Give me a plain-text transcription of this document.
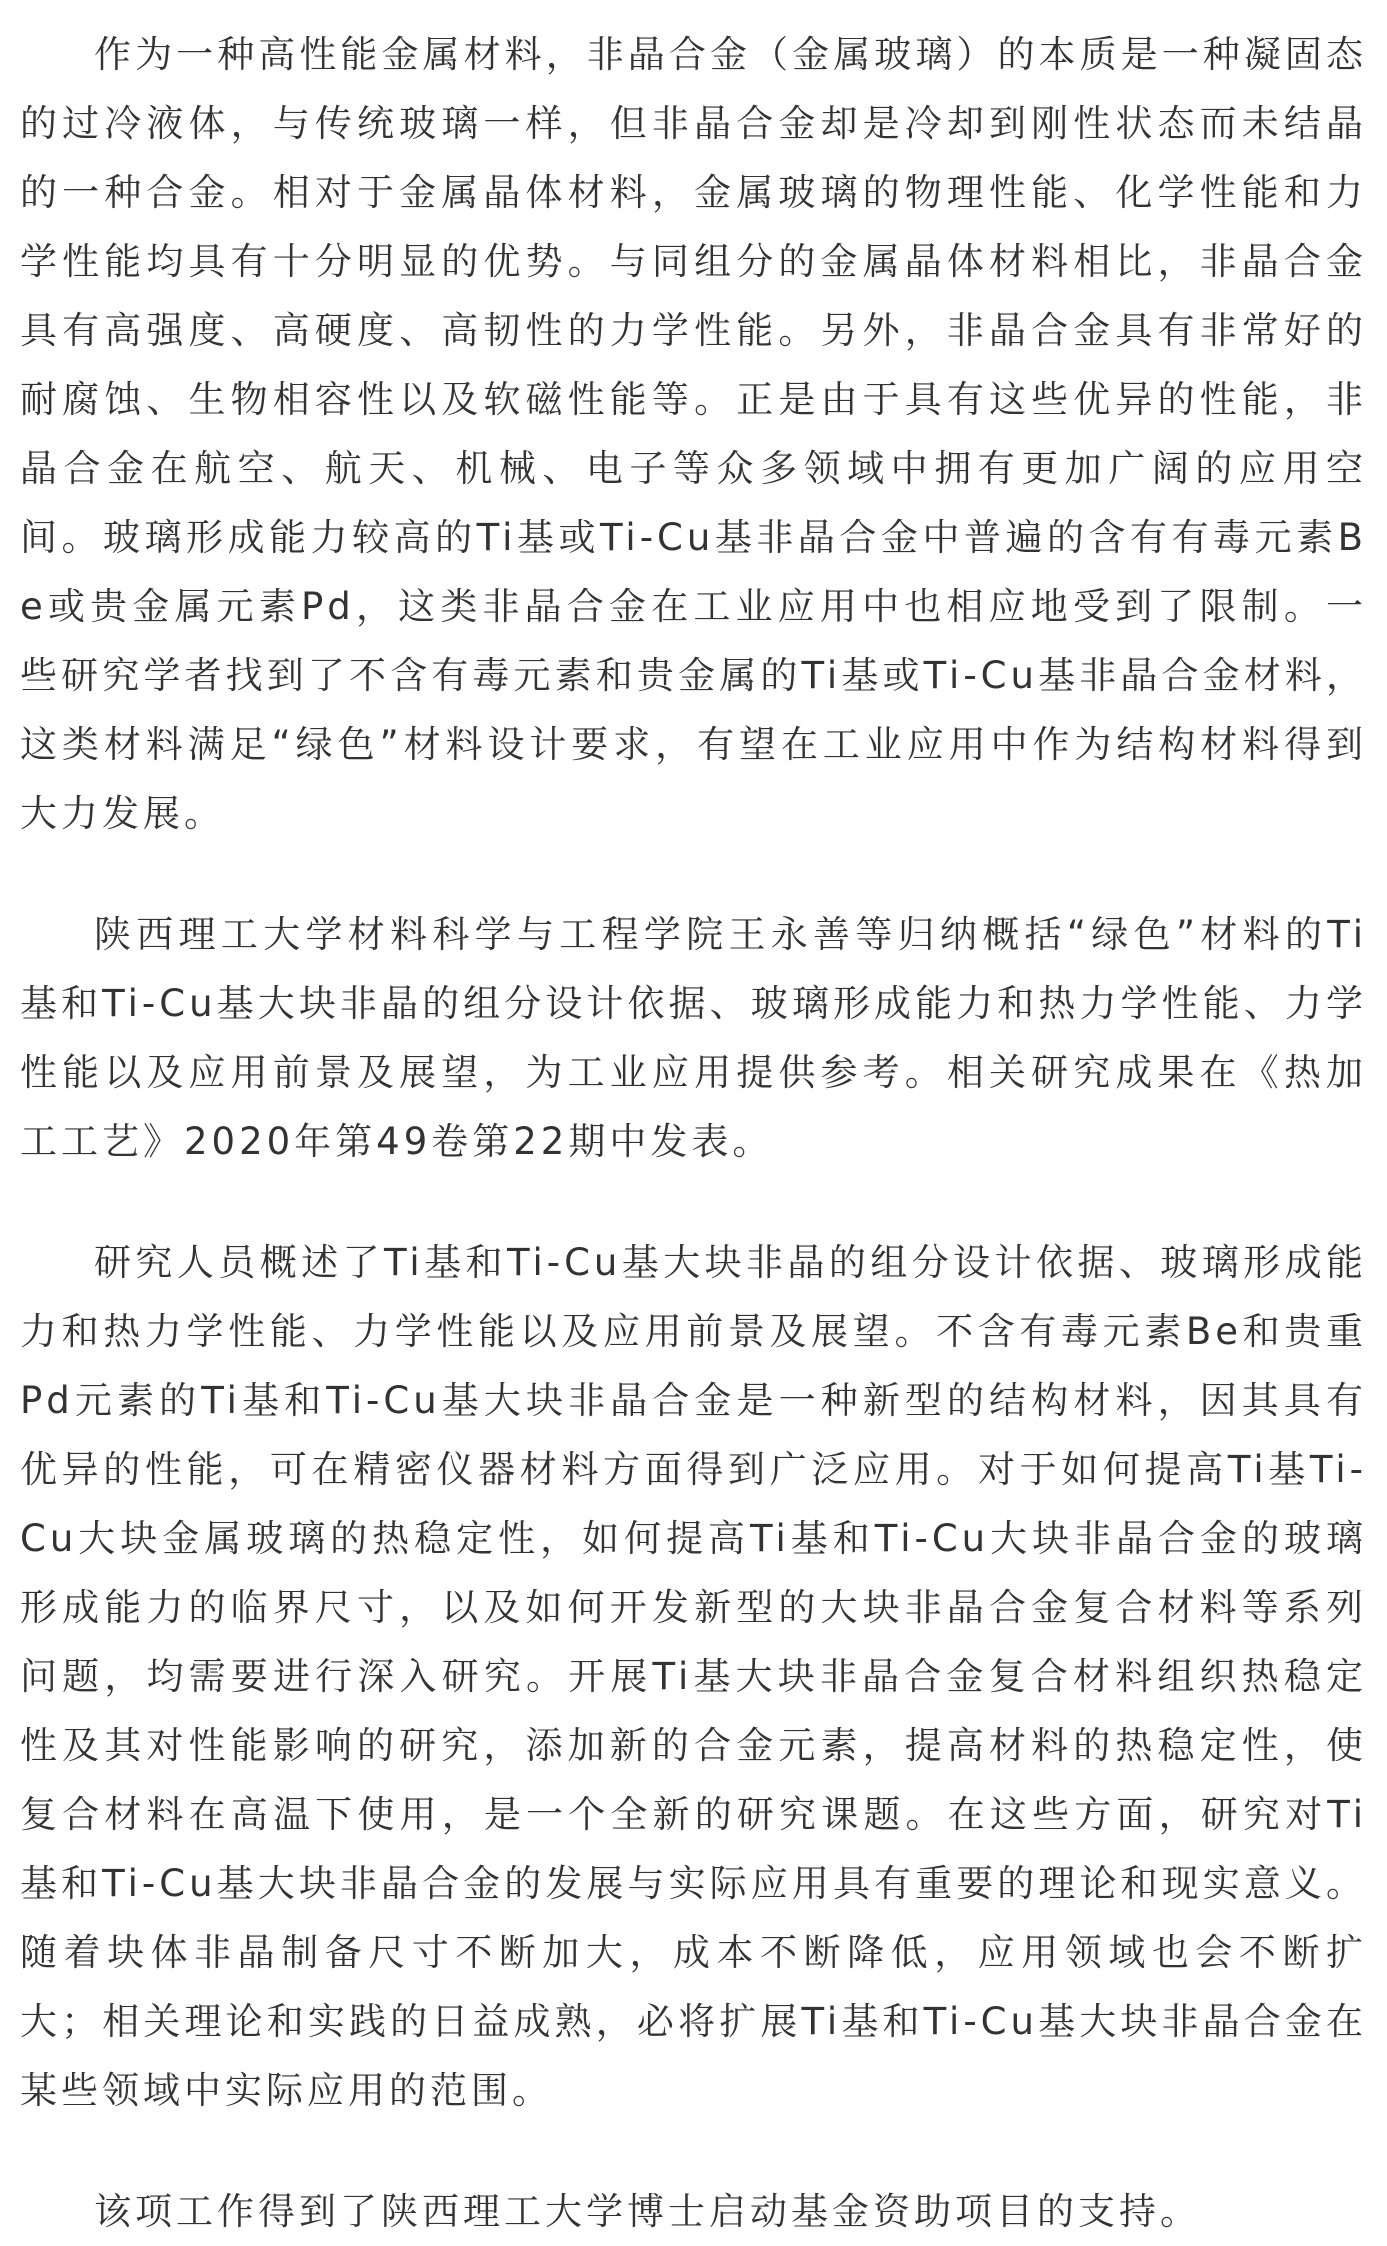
作为一种高性能金属材料，非晶合金（金属玻璃）的本质是一种凝固态的过冷液体，与传统玻璃一样，但非晶合金却是冷却到刚性状态而未结晶的一种合金。相对于金属晶体材料，金属玻璃的物理性能、化学性能和力学性能均具有十分明显的优势。与同组分的金属晶体材料相比，非晶合金具有高强度、高硬度、高韧性的力学性能。另外，非晶合金具有非常好的耐腐蚀、生物相容性以及软磁性能等。正是由于具有这些优异的性能，非晶合金在航空、航天、机械、电子等众多领域中拥有更加广阔的应用空间。玻璃形成能力较高的Ti基或Ti-Cu基非晶合金中普遍的含有有毒元素Be或贵金属元素Pd，这类非晶合金在工业应用中也相应地受到了限制。一些研究学者找到了不含有毒元素和贵金属的Ti基或Ti-Cu基非晶合金材料，这类材料满足“绿色”材料设计要求，有望在工业应用中作为结构材料得到大力发展。

陕西理工大学材料科学与工程学院王永善等归纳概括“绿色”材料的Ti基和Ti-Cu基大块非晶的组分设计依据、玻璃形成能力和热力学性能、力学性能以及应用前景及展望，为工业应用提供参考。相关研究成果在《热加工工艺》2020年第49卷第22期中发表。

研究人员概述了Ti基和Ti-Cu基大块非晶的组分设计依据、玻璃形成能力和热力学性能、力学性能以及应用前景及展望。不含有毒元素Be和贵重Pd元素的Ti基和Ti-Cu基大块非晶合金是一种新型的结构材料，因其具有优异的性能，可在精密仪器材料方面得到广泛应用。对于如何提高Ti基Ti-Cu大块金属玻璃的热稳定性，如何提高Ti基和Ti-Cu大块非晶合金的玻璃形成能力的临界尺寸，以及如何开发新型的大块非晶合金复合材料等系列问题，均需要进行深入研究。开展Ti基大块非晶合金复合材料组织热稳定性及其对性能影响的研究，添加新的合金元素，提高材料的热稳定性，使复合材料在高温下使用，是一个全新的研究课题。在这些方面，研究对Ti基和Ti-Cu基大块非晶合金的发展与实际应用具有重要的理论和现实意义。随着块体非晶制备尺寸不断加大，成本不断降低，应用领域也会不断扩大；相关理论和实践的日益成熟，必将扩展Ti基和Ti-Cu基大块非晶合金在某些领域中实际应用的范围。

该项工作得到了陕西理工大学博士启动基金资助项目的支持。
